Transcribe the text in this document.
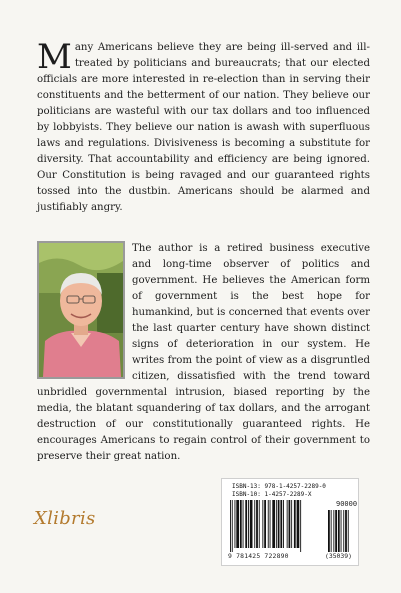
Many Americans believe they are being ill-served and ill-treated by politicians and bureaucrats; that our elected officials are more interested in re-election than in serving their constituents and the betterment of our nation. They believe our politicians are wasteful with our tax dollars and too influenced by lobbyists. They believe our nation is awash with superfluous laws and regulations. Divisiveness is becoming a substitute for diversity. That accountability and efficiency are being ignored. Our Constitution is being ravaged and our guaranteed rights tossed into the dustbin. Americans should be alarmed and justifiably angry.

The author is a retired business executive and long-time observer of politics and government. He believes the American form of government is the best hope for humankind, but is concerned that events over the last quarter century have shown distinct signs of deterioration in our system. He writes from the point of view as a disgruntled citizen, dissatisfied with the trend toward unbridled governmental intrusion, biased reporting by the media, the blatant squandering of tax dollars, and the arrogant destruction of our constitutionally guaranteed rights. He encourages Americans to regain control of their government to preserve their great nation.

Xlibris
ISBN-13: 978-1-4257-2289-0
ISBN-10: 1-4257-2289-X
90000
9 781425 722890	(35039)
